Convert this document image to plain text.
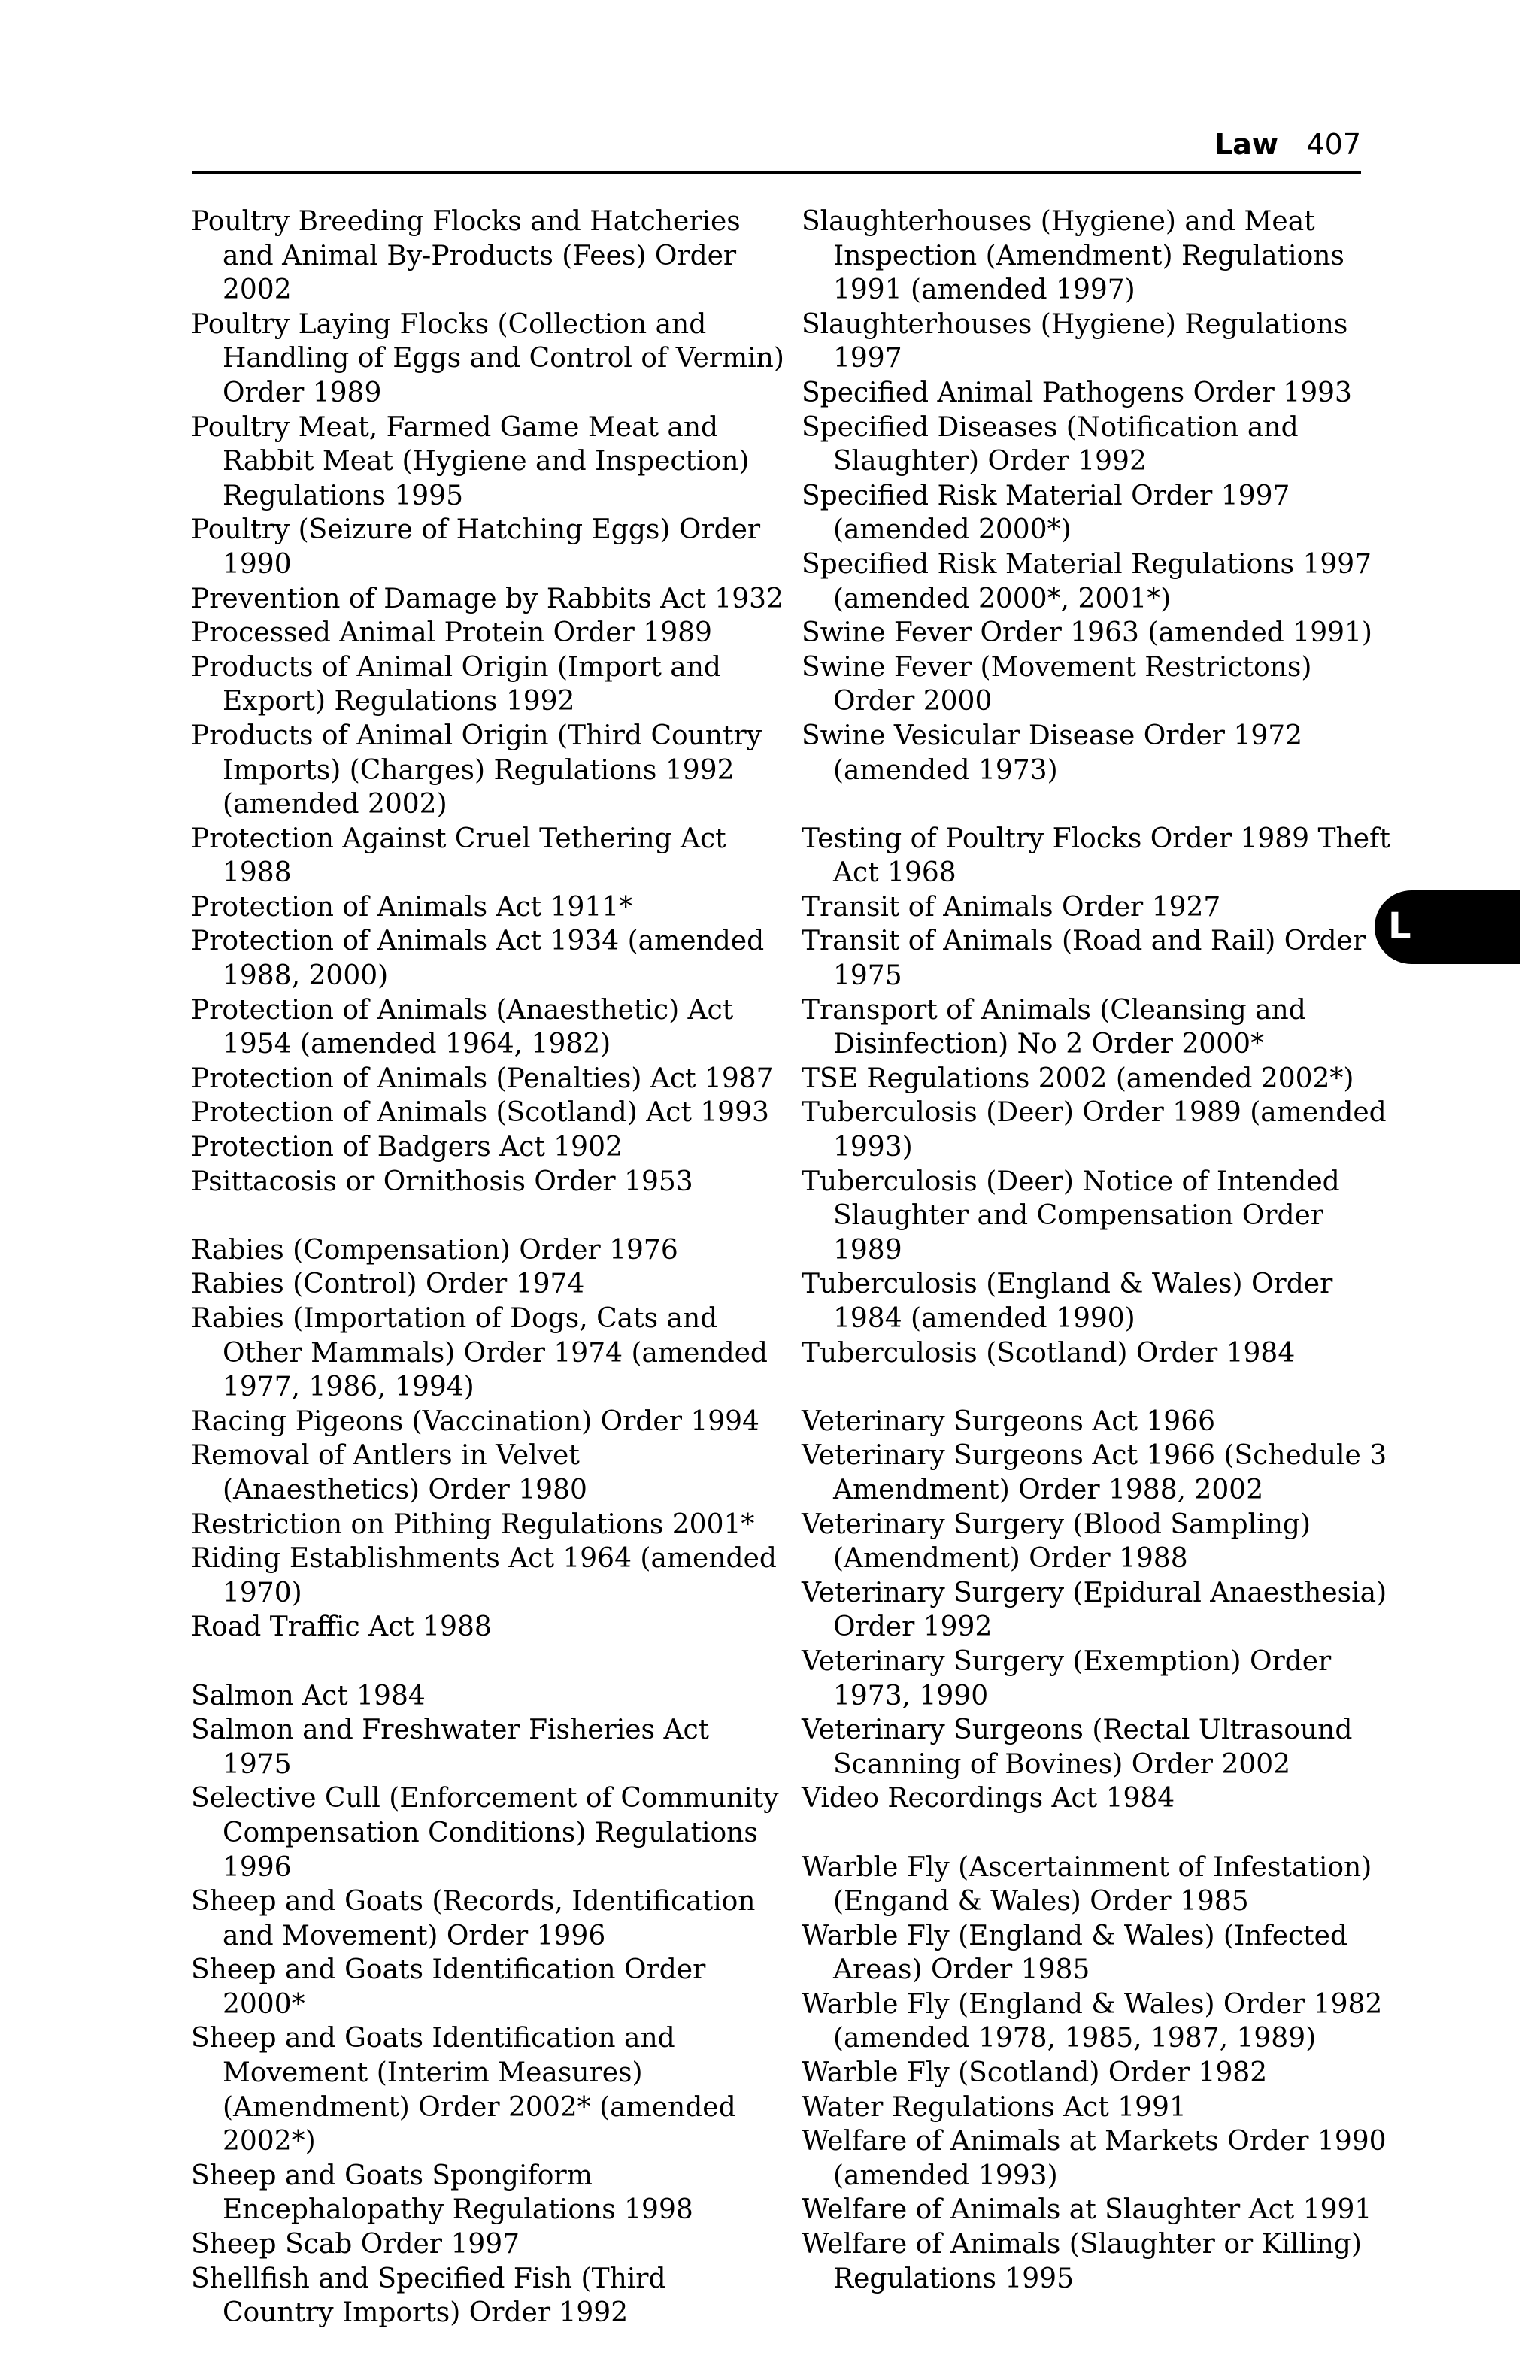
Law 407

Poultry Breeding Flocks and Hatcheries and Animal By-Products (Fees) Order 2002

Poultry Laying Flocks (Collection and Handling of Eggs and Control of Vermin) Order 1989

Poultry Meat, Farmed Game Meat and Rabbit Meat (Hygiene and Inspection) Regulations 1995

Poultry (Seizure of Hatching Eggs) Order 1990

Prevention of Damage by Rabbits Act 1932

Processed Animal Protein Order 1989

Products of Animal Origin (Import and Export) Regulations 1992

Products of Animal Origin (Third Country Imports) (Charges) Regulations 1992 (amended 2002)

Protection Against Cruel Tethering Act 1988

Protection of Animals Act 1911*

Protection of Animals Act 1934 (amended 1988, 2000)

Protection of Animals (Anaesthetic) Act 1954 (amended 1964, 1982)

Protection of Animals (Penalties) Act 1987

Protection of Animals (Scotland) Act 1993

Protection of Badgers Act 1902

Psittacosis or Ornithosis Order 1953

Rabies (Compensation) Order 1976

Rabies (Control) Order 1974

Rabies (Importation of Dogs, Cats and Other Mammals) Order 1974 (amended 1977, 1986, 1994)

Racing Pigeons (Vaccination) Order 1994

Removal of Antlers in Velvet (Anaesthetics) Order 1980

Restriction on Pithing Regulations 2001*

Riding Establishments Act 1964 (amended 1970)

Road Traffic Act 1988

Salmon Act 1984

Salmon and Freshwater Fisheries Act 1975

Selective Cull (Enforcement of Community Compensation Conditions) Regulations 1996

Sheep and Goats (Records, Identification and Movement) Order 1996

Sheep and Goats Identification Order 2000*

Sheep and Goats Identification and Movement (Interim Measures) (Amendment) Order 2002* (amended 2002*)

Sheep and Goats Spongiform Encephalopathy Regulations 1998

Sheep Scab Order 1997

Shellfish and Specified Fish (Third Country Imports) Order 1992

Slaughterhouses (Hygiene) and Meat Inspection (Amendment) Regulations 1991 (amended 1997)

Slaughterhouses (Hygiene) Regulations 1997

Specified Animal Pathogens Order 1993

Specified Diseases (Notification and Slaughter) Order 1992

Specified Risk Material Order 1997 (amended 2000*)

Specified Risk Material Regulations 1997 (amended 2000*, 2001*)

Swine Fever Order 1963 (amended 1991)

Swine Fever (Movement Restrictons) Order 2000

Swine Vesicular Disease Order 1972 (amended 1973)

Testing of Poultry Flocks Order 1989 Theft Act 1968

Transit of Animals Order 1927

Transit of Animals (Road and Rail) Order 1975

Transport of Animals (Cleansing and Disinfection) No 2 Order 2000*

TSE Regulations 2002 (amended 2002*)

Tuberculosis (Deer) Order 1989 (amended 1993)

Tuberculosis (Deer) Notice of Intended Slaughter and Compensation Order 1989

Tuberculosis (England & Wales) Order 1984 (amended 1990)

Tuberculosis (Scotland) Order 1984

Veterinary Surgeons Act 1966

Veterinary Surgeons Act 1966 (Schedule 3 Amendment) Order 1988, 2002

Veterinary Surgery (Blood Sampling) (Amendment) Order 1988

Veterinary Surgery (Epidural Anaesthesia) Order 1992

Veterinary Surgery (Exemption) Order 1973, 1990

Veterinary Surgeons (Rectal Ultrasound Scanning of Bovines) Order 2002

Video Recordings Act 1984

Warble Fly (Ascertainment of Infestation) (Engand & Wales) Order 1985

Warble Fly (England & Wales) (Infected Areas) Order 1985

Warble Fly (England & Wales) Order 1982 (amended 1978, 1985, 1987, 1989)

Warble Fly (Scotland) Order 1982

Water Regulations Act 1991

Welfare of Animals at Markets Order 1990 (amended 1993)

Welfare of Animals at Slaughter Act 1991

Welfare of Animals (Slaughter or Killing) Regulations 1995

L
